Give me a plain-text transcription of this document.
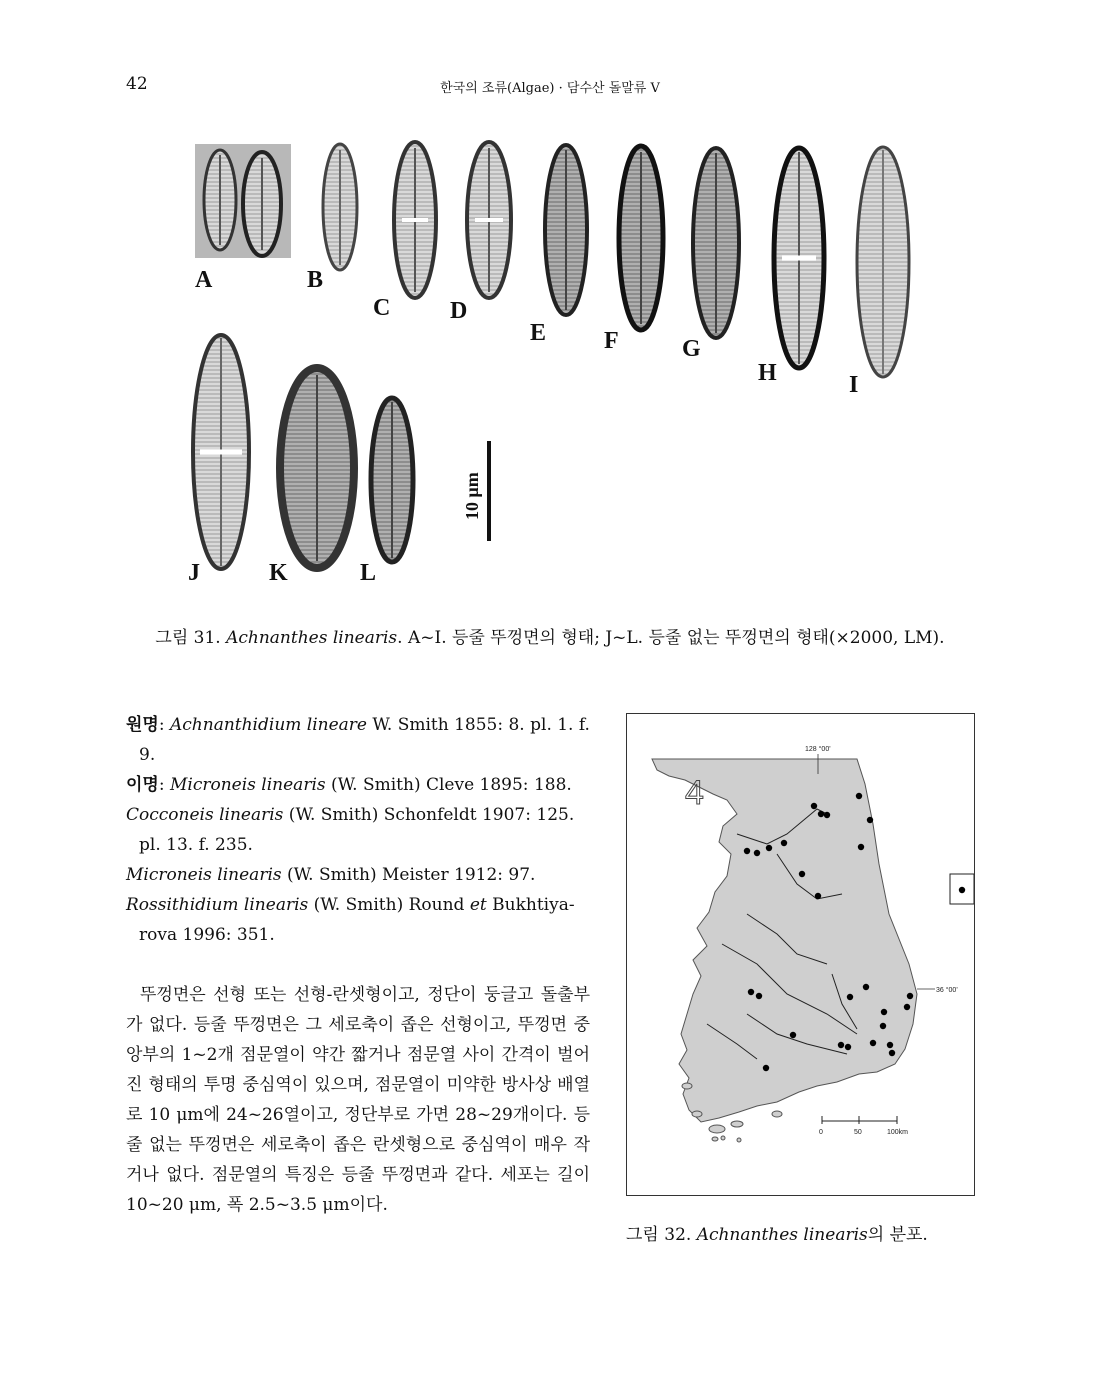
42	한국의 조류(Algae) · 담수산 돌말류 V
A	B
C D
E F	G
H	I
J	K	L
10 μm
그림 31. Achnanthes linearis. A~I. 등줄 뚜껑면의 형태; J~L. 등줄 없는 뚜껑면의 형태(×2000, LM).

원명: Achnanthidium lineare W. Smith 1855: 8. pl. 1. f. 9.

이명: Microneis linearis (W. Smith) Cleve 1895: 188.

Cocconeis linearis (W. Smith) Schonfeldt 1907: 125. pl. 13. f. 235.

Microneis linearis (W. Smith) Meister 1912: 97.

Rossithidium linearis (W. Smith) Round et Bukhtiyarova 1996: 351.

뚜껑면은 선형 또는 선형-란셋형이고, 정단이 둥글고 돌출부가 없다. 등줄 뚜껑면은 그 세로축이 좁은 선형이고, 뚜껑면 중앙부의 1~2개 점문열이 약간 짧거나 점문열 사이 간격이 벌어진 형태의 투명 중심역이 있으며, 점문열이 미약한 방사상 배열로 10 μm에 24~26열이고, 정단부로 가면 28~29개이다. 등줄 없는 뚜껑면은 세로축이 좁은 란셋형으로 중심역이 매우 작거나 없다. 점문열의 특징은 등줄 뚜껑면과 같다. 세포는 길이 10~20 μm, 폭 2.5~3.5 μm이다.
128 °00'
36 °00'
4
0	50	100km
그림 32. Achnanthes linearis의 분포.
